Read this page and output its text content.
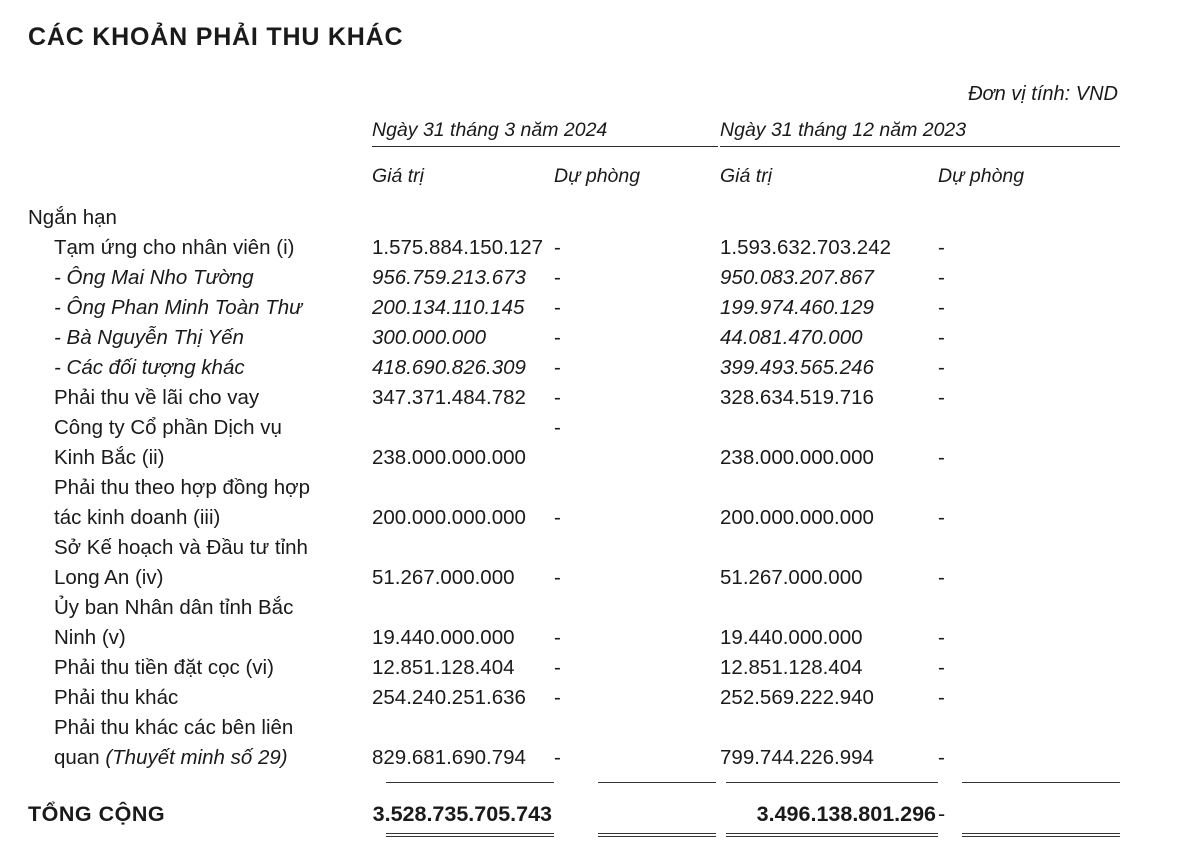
CÁC KHOẢN PHẢI THU KHÁC
Đơn vị tính: VND
	Ngày 31 tháng 3 năm 2024		Ngày 31 tháng 12 năm 2023	

	Giá trị	Dự phòng	Giá trị	Dự phòng

Ngắn hạn				
Tạm ứng cho nhân viên (i)	1.575.884.150.127	-	1.593.632.703.242	-
- Ông Mai Nho Tường	956.759.213.673	-	950.083.207.867	-
- Ông Phan Minh Toàn Thư	200.134.110.145	-	199.974.460.129	-
- Bà Nguyễn Thị Yến	300.000.000	-	44.081.470.000	-
- Các đối tượng khác	418.690.826.309	-	399.493.565.246	-
Phải thu về lãi cho vay	347.371.484.782	-	328.634.519.716	-

Công ty Cổ phần Dịch vụ
Kinh Bắc (ii)	238.000.000.000	-	238.000.000.000	-

Phải thu theo hợp đồng hợp
tác kinh doanh (iii)	200.000.000.000	-	200.000.000.000	-

Sở Kế hoạch và Đầu tư tỉnh
Long An (iv)	51.267.000.000	-	51.267.000.000	-

Ủy ban Nhân dân tỉnh Bắc
Ninh (v)	19.440.000.000	-	19.440.000.000	-
Phải thu tiền đặt cọc (vi)	12.851.128.404	-	12.851.128.404	-
Phải thu khác	254.240.251.636	-	252.569.222.940	-

Phải thu khác các bên liên
quan (Thuyết minh số 29)	829.681.690.794	-	799.744.226.994	-

TỔNG CỘNG	3.528.735.705.743		3.496.138.801.296	-
